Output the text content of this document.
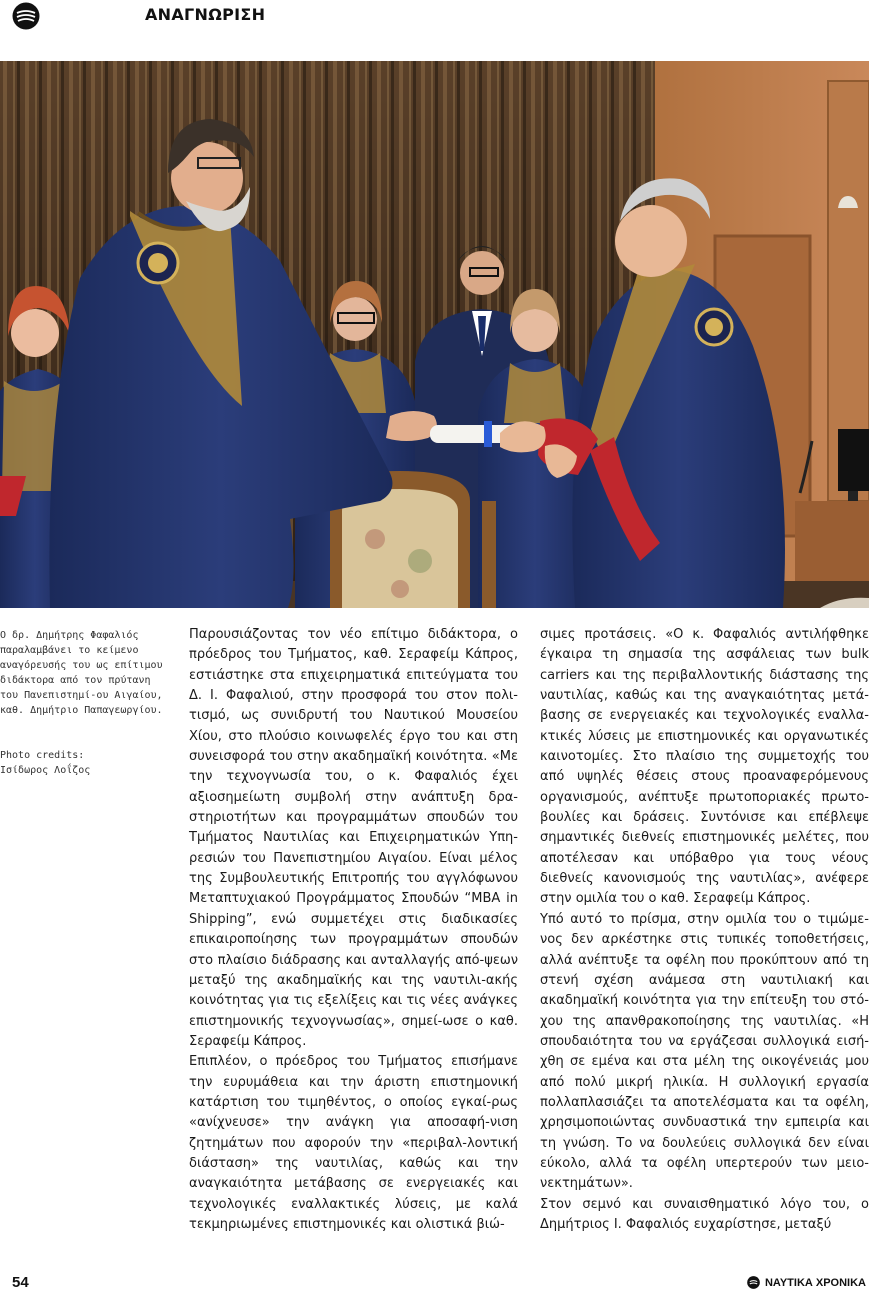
ΑΝΑΓΝΩΡΙΣΗ

Ο δρ. Δημήτρης Φαφαλιός παραλαμβάνει το κείμενο αναγόρευσής του ως επίτιμου διδάκτορα από τον πρύτανη του Πανεπιστημί-ου Αιγαίου, καθ. Δημήτριο Παπαγεωργίου.

Photo credits:

Ισίδωρος Λοΐζος

Παρουσιάζοντας τον νέο επίτιμο διδάκτορα, ο πρόεδρος του Τμήματος, καθ. Σεραφείμ Κάπρος, εστιάστηκε στα επιχειρηματικά επιτεύγματα του Δ. Ι. Φαφαλιού, στην προσφορά του στον πολι-τισμό, ως συνιδρυτή του Ναυτικού Μουσείου Χίου, στο πλούσιο κοινωφελές έργο του και στη συνεισφορά του στην ακαδημαϊκή κοινότητα. «Με την τεχνογνωσία του, ο κ. Φαφαλιός έχει αξιοσημείωτη συμβολή στην ανάπτυξη δρα-στηριοτήτων και προγραμμάτων σπουδών του Τμήματος Ναυτιλίας και Επιχειρηματικών Υπη-ρεσιών του Πανεπιστημίου Αιγαίου. Είναι μέλος της Συμβουλευτικής Επιτροπής του αγγλόφωνου Μεταπτυχιακού Προγράμματος Σπουδών “MBA in Shipping”, ενώ συμμετέχει στις διαδικασίες επικαιροποίησης των προγραμμάτων σπουδών στο πλαίσιο διάδρασης και ανταλλαγής από-ψεων μεταξύ της ακαδημαϊκής και της ναυτιλι-ακής κοινότητας για τις εξελίξεις και τις νέες ανάγκες επιστημονικής τεχνογνωσίας», σημεί-ωσε ο καθ. Σεραφείμ Κάπρος.

Επιπλέον, ο πρόεδρος του Τμήματος επισήμανε την ευρυμάθεια και την άριστη επιστημονική κατάρτιση του τιμηθέντος, ο οποίος εγκαί-ρως «ανίχνευσε» την ανάγκη για αποσαφή-νιση ζητημάτων που αφορούν την «περιβαλ-λοντική διάσταση» της ναυτιλίας, καθώς και την αναγκαιότητα μετάβασης σε ενεργειακές και τεχνολογικές εναλλακτικές λύσεις, με καλά τεκμηριωμένες επιστημονικές και ολιστικά βιώ-

σιμες προτάσεις. «Ο κ. Φαφαλιός αντιλήφθηκε έγκαιρα τη σημασία της ασφάλειας των bulk carriers και της περιβαλλοντικής διάστασης της ναυτιλίας, καθώς και της αναγκαιότητας μετά-βασης σε ενεργειακές και τεχνολογικές εναλλα-κτικές λύσεις με επιστημονικές και οργανωτικές καινοτομίες. Στο πλαίσιο της συμμετοχής του από υψηλές θέσεις στους προαναφερόμενους οργανισμούς, ανέπτυξε πρωτοποριακές πρωτο-βουλίες και δράσεις. Συντόνισε και επέβλεψε σημαντικές διεθνείς επιστημονικές μελέτες, που αποτέλεσαν και υπόβαθρο για τους νέους διεθνείς κανονισμούς της ναυτιλίας», ανέφερε στην ομιλία του ο καθ. Σεραφείμ Κάπρος.

Υπό αυτό το πρίσμα, στην ομιλία του ο τιμώμε-νος δεν αρκέστηκε στις τυπικές τοποθετήσεις, αλλά ανέπτυξε τα οφέλη που προκύπτουν από τη στενή σχέση ανάμεσα στη ναυτιλιακή και ακαδημαϊκή κοινότητα για την επίτευξη του στό-χου της απανθρακοποίησης της ναυτιλίας. «Η σπουδαιότητα του να εργάζεσαι συλλογικά εισή-χθη σε εμένα και στα μέλη της οικογένειάς μου από πολύ μικρή ηλικία. Η συλλογική εργασία πολλαπλασιάζει τα αποτελέσματα και τα οφέλη, χρησιμοποιώντας συνδυαστικά την εμπειρία και τη γνώση. Το να δουλεύεις συλλογικά δεν είναι εύκολο, αλλά τα οφέλη υπερτερούν των μειο-νεκτημάτων».

Στον σεμνό και συναισθηματικό λόγο του, ο Δημήτριος Ι. Φαφαλιός ευχαρίστησε, μεταξύ

54	ΝΑΥΤΙΚΑ ΧΡΟΝΙΚΑ
